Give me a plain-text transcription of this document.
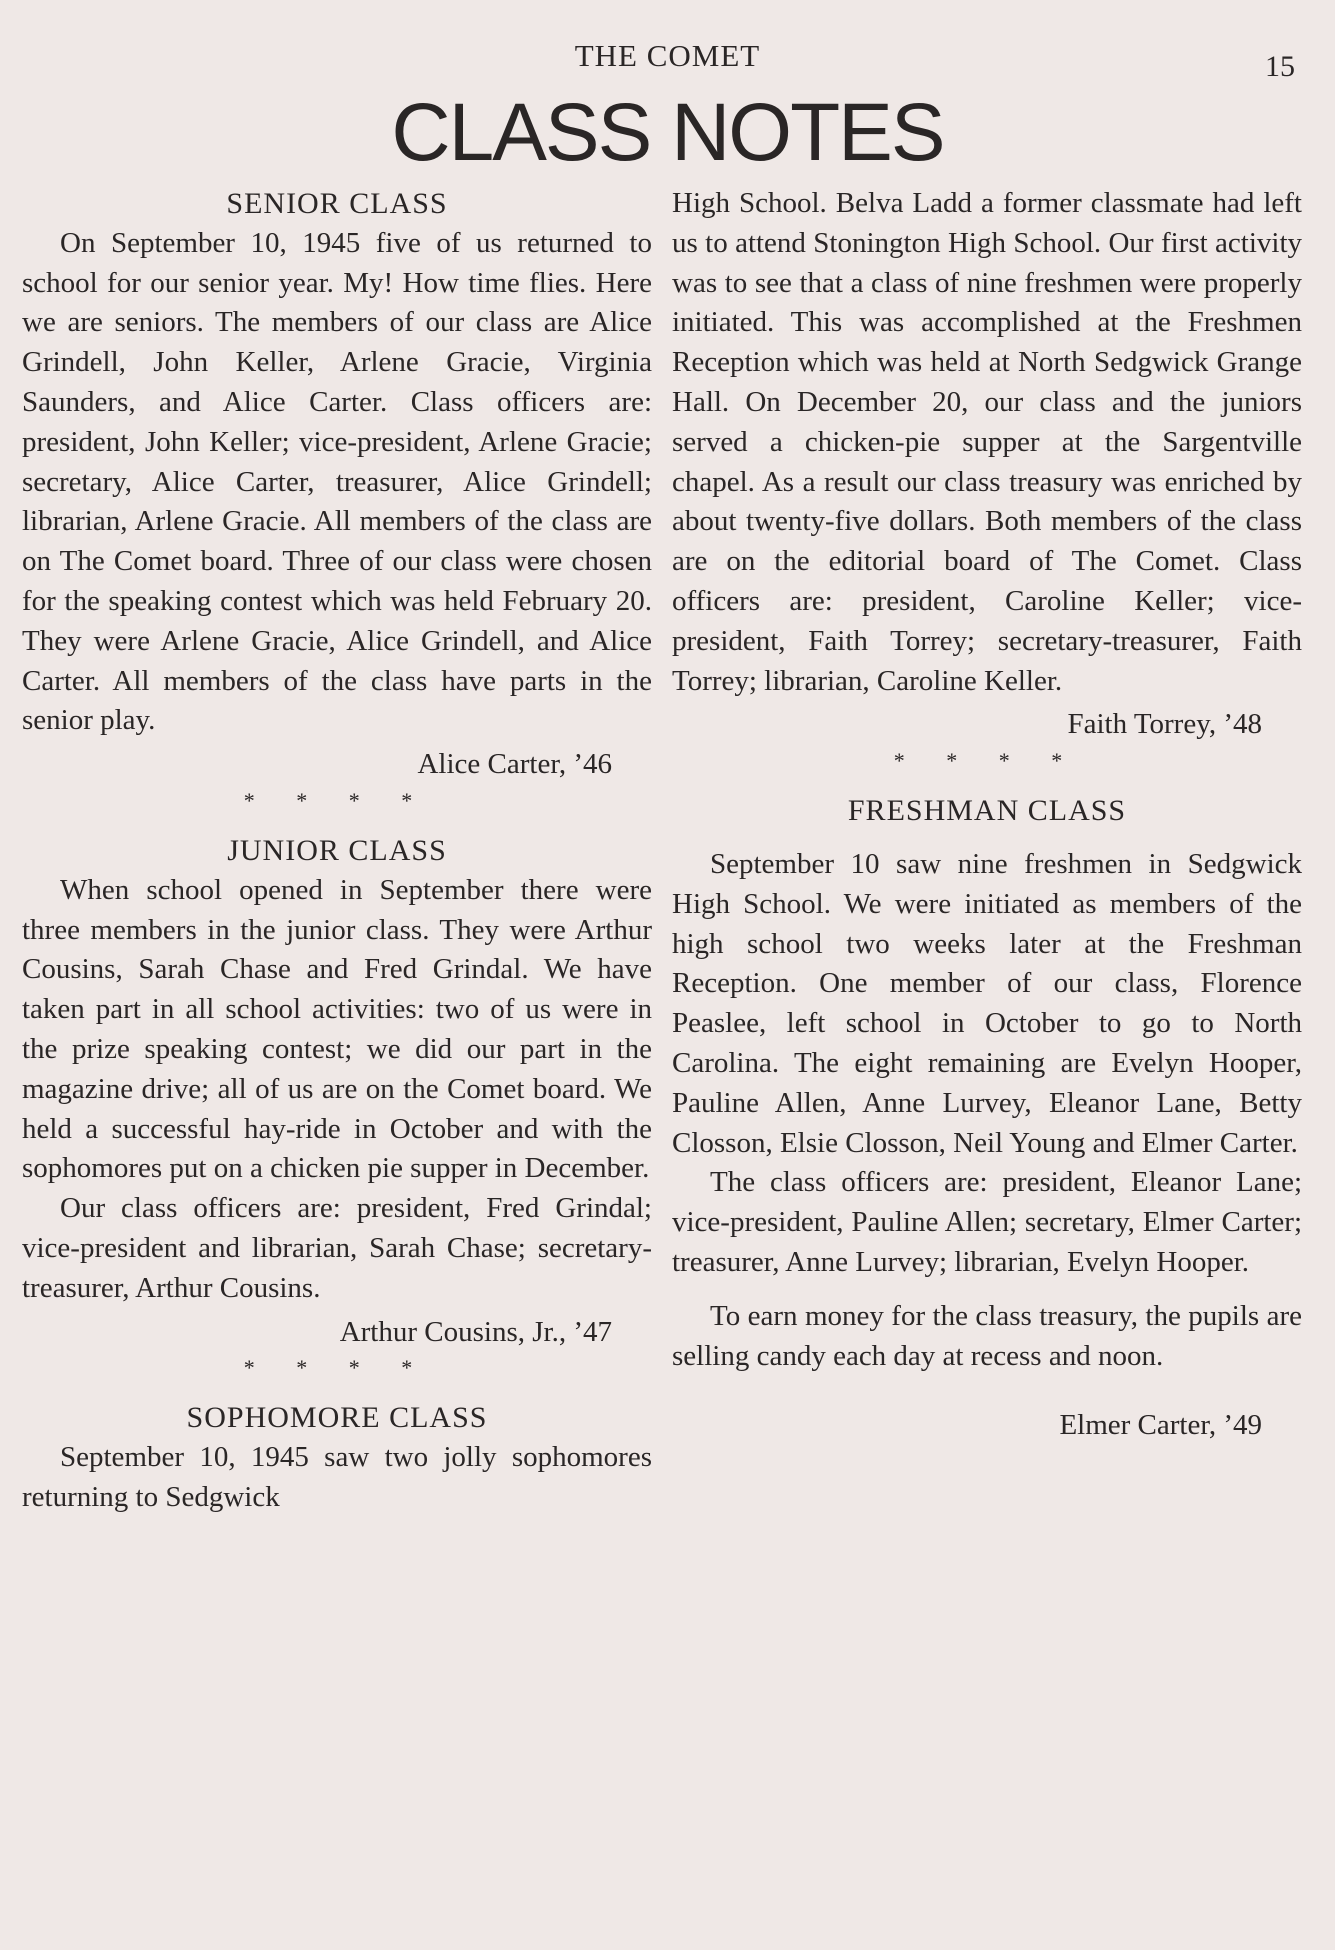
THE COMET	15
CLASS NOTES

SENIOR CLASS

On September 10, 1945 five of us returned to school for our senior year. My! How time flies. Here we are seniors. The members of our class are Alice Grindell, John Keller, Arlene Gracie, Virginia Saunders, and Alice Carter. Class officers are: president, John Keller; vice-president, Arlene Gracie; secretary, Alice Carter, treasurer, Alice Grindell; librarian, Arlene Gracie. All members of the class are on The Comet board. Three of our class were chosen for the speaking contest which was held February 20. They were Arlene Gracie, Alice Grindell, and Alice Carter. All members of the class have parts in the senior play.

Alice Carter, ’46

* * * *

JUNIOR CLASS

When school opened in September there were three members in the junior class. They were Arthur Cousins, Sarah Chase and Fred Grindal. We have taken part in all school activities: two of us were in the prize speaking contest; we did our part in the magazine drive; all of us are on the Comet board. We held a successful hay-ride in October and with the sophomores put on a chicken pie supper in December.

Our class officers are: president, Fred Grindal; vice-president and librarian, Sarah Chase; secretary-treasurer, Arthur Cousins.

Arthur Cousins, Jr., ’47

* * * *

SOPHOMORE CLASS

September 10, 1945 saw two jolly sophomores returning to Sedgwick

High School. Belva Ladd a former classmate had left us to attend Stonington High School. Our first activity was to see that a class of nine freshmen were properly initiated. This was accomplished at the Freshmen Reception which was held at North Sedgwick Grange Hall. On December 20, our class and the juniors served a chicken-pie supper at the Sargentville chapel. As a result our class treasury was enriched by about twenty-five dollars. Both members of the class are on the editorial board of The Comet. Class officers are: president, Caroline Keller; vice-president, Faith Torrey; secretary-treasurer, Faith Torrey; librarian, Caroline Keller.

Faith Torrey, ’48

* * * *

FRESHMAN CLASS

September 10 saw nine freshmen in Sedgwick High School. We were initiated as members of the high school two weeks later at the Freshman Reception. One member of our class, Florence Peaslee, left school in October to go to North Carolina. The eight remaining are Evelyn Hooper, Pauline Allen, Anne Lurvey, Eleanor Lane, Betty Closson, Elsie Closson, Neil Young and Elmer Carter.

The class officers are: president, Eleanor Lane; vice-president, Pauline Allen; secretary, Elmer Carter; treasurer, Anne Lurvey; librarian, Evelyn Hooper.

To earn money for the class treasury, the pupils are selling candy each day at recess and noon.

Elmer Carter, ’49
